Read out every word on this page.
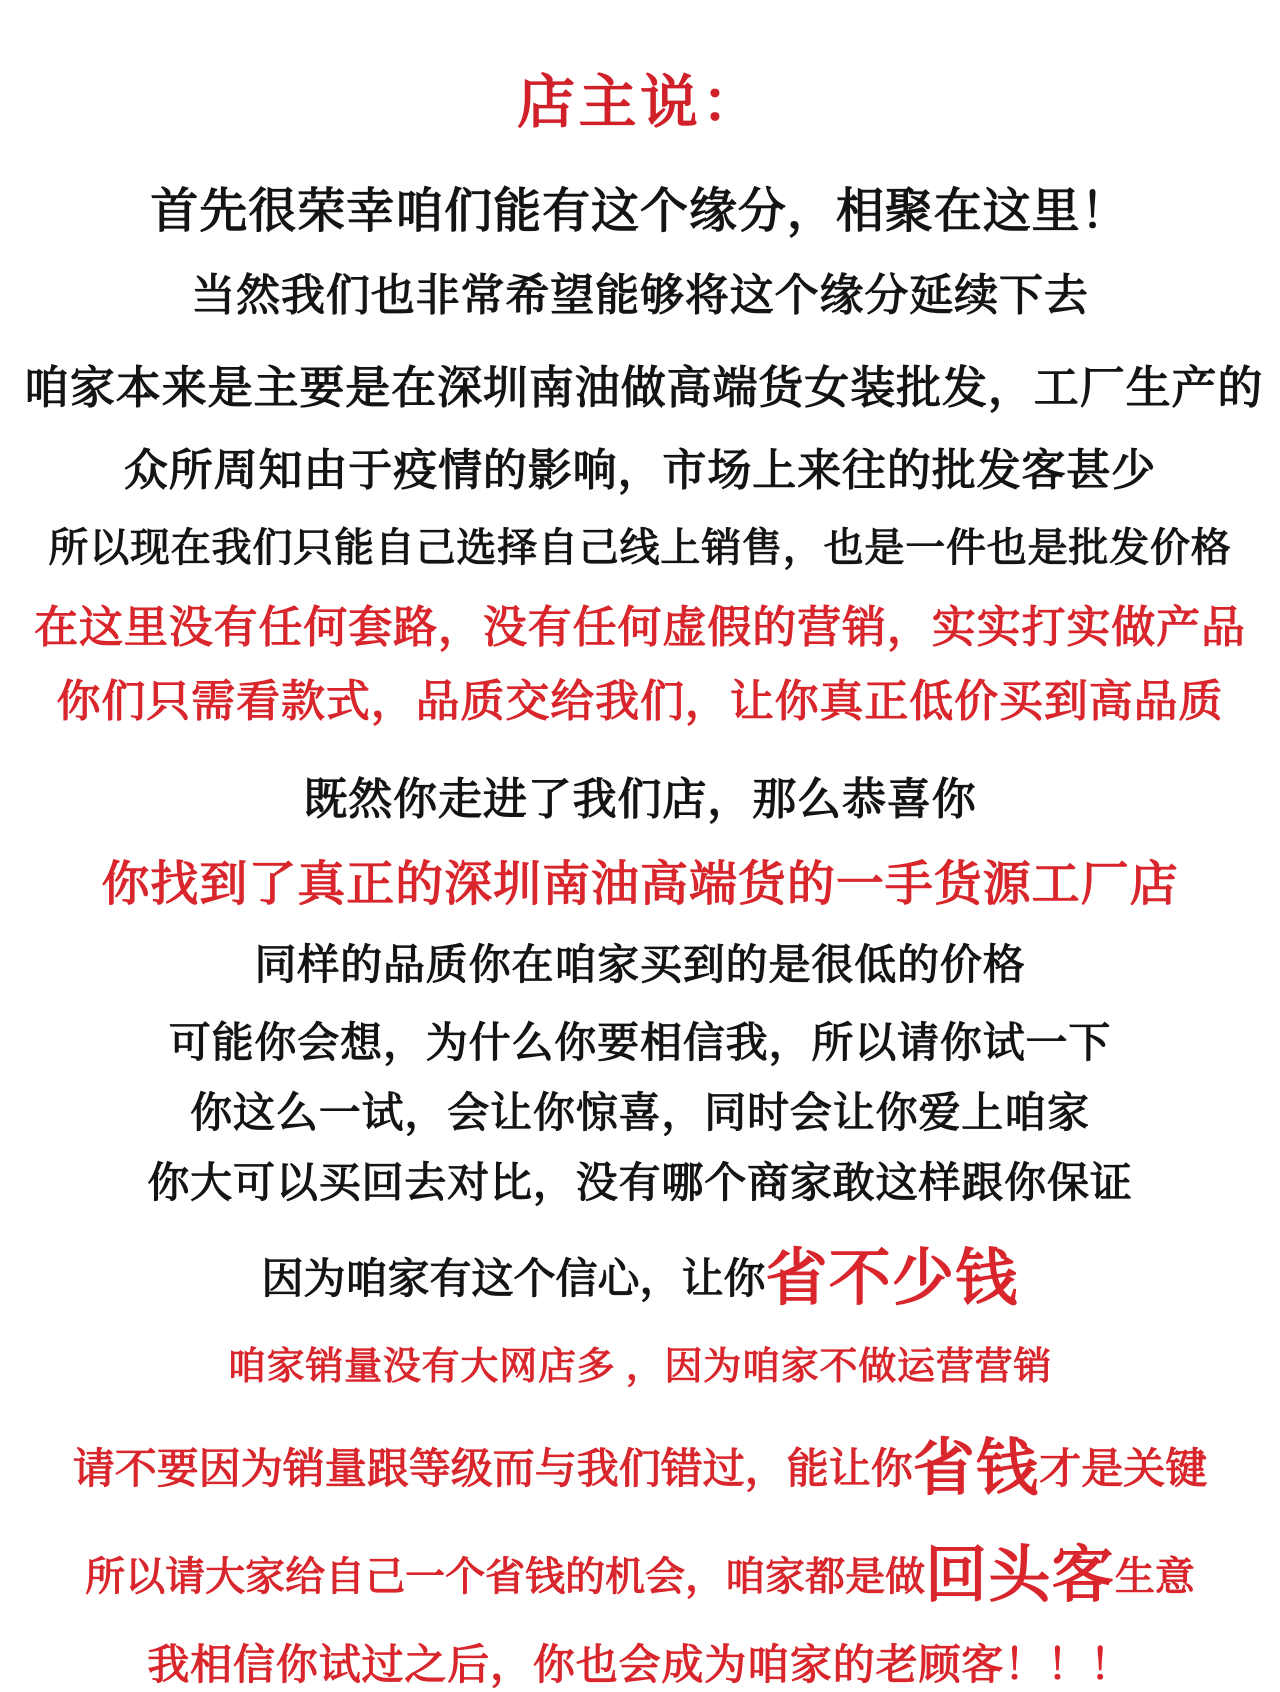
店主说：
首先很荣幸咱们能有这个缘分，相聚在这里！
当然我们也非常希望能够将这个缘分延续下去
咱家本来是主要是在深圳南油做高端货女装批发，工厂生产的
众所周知由于疫情的影响，市场上来往的批发客甚少
所以现在我们只能自己选择自己线上销售，也是一件也是批发价格
在这里没有任何套路，没有任何虚假的营销，实实打实做产品
你们只需看款式，品质交给我们，让你真正低价买到高品质
既然你走进了我们店，那么恭喜你
你找到了真正的深圳南油高端货的一手货源工厂店
同样的品质你在咱家买到的是很低的价格
可能你会想，为什么你要相信我，所以请你试一下
你这么一试，会让你惊喜，同时会让你爱上咱家
你大可以买回去对比，没有哪个商家敢这样跟你保证
因为咱家有这个信心，让你省不少钱
咱家销量没有大网店多 ，因为咱家不做运营营销
请不要因为销量跟等级而与我们错过，能让你省钱才是关键
所以请大家给自己一个省钱的机会，咱家都是做回头客生意
我相信你试过之后，你也会成为咱家的老顾客！！！
